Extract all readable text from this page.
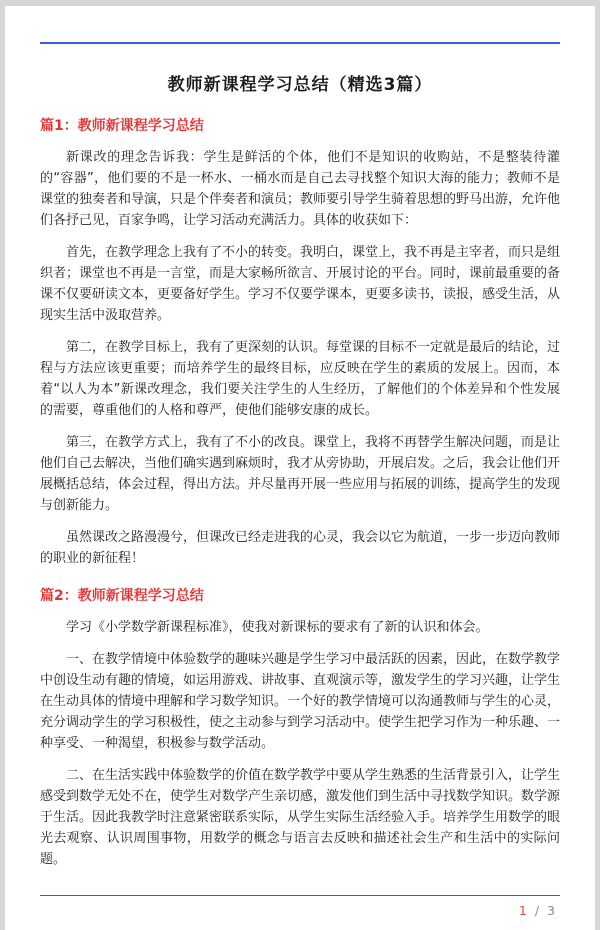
教师新课程学习总结（精选3篇）
篇1：教师新课程学习总结

新课改的理念告诉我：学生是鲜活的个体，他们不是知识的收购站，不是整装待灌的“容器”，他们要的不是一杯水、一桶水而是自己去寻找整个知识大海的能力；教师不是课堂的独奏者和导演，只是个伴奏者和演员；教师要引导学生骑着思想的野马出游，允许他们各抒己见，百家争鸣，让学习活动充满活力。具体的收获如下：

首先，在教学理念上我有了不小的转变。我明白，课堂上，我不再是主宰者，而只是组织者；课堂也不再是一言堂，而是大家畅所欲言、开展讨论的平台。同时，课前最重要的备课不仅要研读文本，更要备好学生。学习不仅要学课本，更要多读书，读报，感受生活，从现实生活中汲取营养。

第二，在教学目标上，我有了更深刻的认识。每堂课的目标不一定就是最后的结论，过程与方法应该更重要；而培养学生的最终目标，应反映在学生的素质的发展上。因而，本着“以人为本”新课改理念，我们要关注学生的人生经历，了解他们的个体差异和个性发展的需要，尊重他们的人格和尊严，使他们能够安康的成长。

第三，在教学方式上，我有了不小的改良。课堂上，我将不再替学生解决问题，而是让他们自己去解决，当他们确实遇到麻烦时，我才从旁协助，开展启发。之后，我会让他们开展概括总结，体会过程，得出方法。并尽量再开展一些应用与拓展的训练，提高学生的发现与创新能力。

虽然课改之路漫漫兮，但课改已经走进我的心灵，我会以它为航道，一步一步迈向教师的职业的新征程！

篇2：教师新课程学习总结

学习《小学数学新课程标准》，使我对新课标的要求有了新的认识和体会。

一、在教学情境中体验数学的趣味兴趣是学生学习中最活跃的因素，因此，在数学教学中创设生动有趣的情境，如运用游戏、讲故事、直观演示等，激发学生的学习兴趣，让学生在生动具体的情境中理解和学习数学知识。一个好的教学情境可以沟通教师与学生的心灵，充分调动学生的学习积极性，使之主动参与到学习活动中。使学生把学习作为一种乐趣、一种享受、一种渴望，积极参与数学活动。

二、在生活实践中体验数学的价值在数学教学中要从学生熟悉的生活背景引入，让学生感受到数学无处不在，使学生对数学产生亲切感，激发他们到生活中寻找数学知识。数学源于生活。因此我教学时注意紧密联系实际，从学生实际生活经验入手。培养学生用数学的眼光去观察、认识周围事物，用数学的概念与语言去反映和描述社会生产和生活中的实际问题。

1 / 3
